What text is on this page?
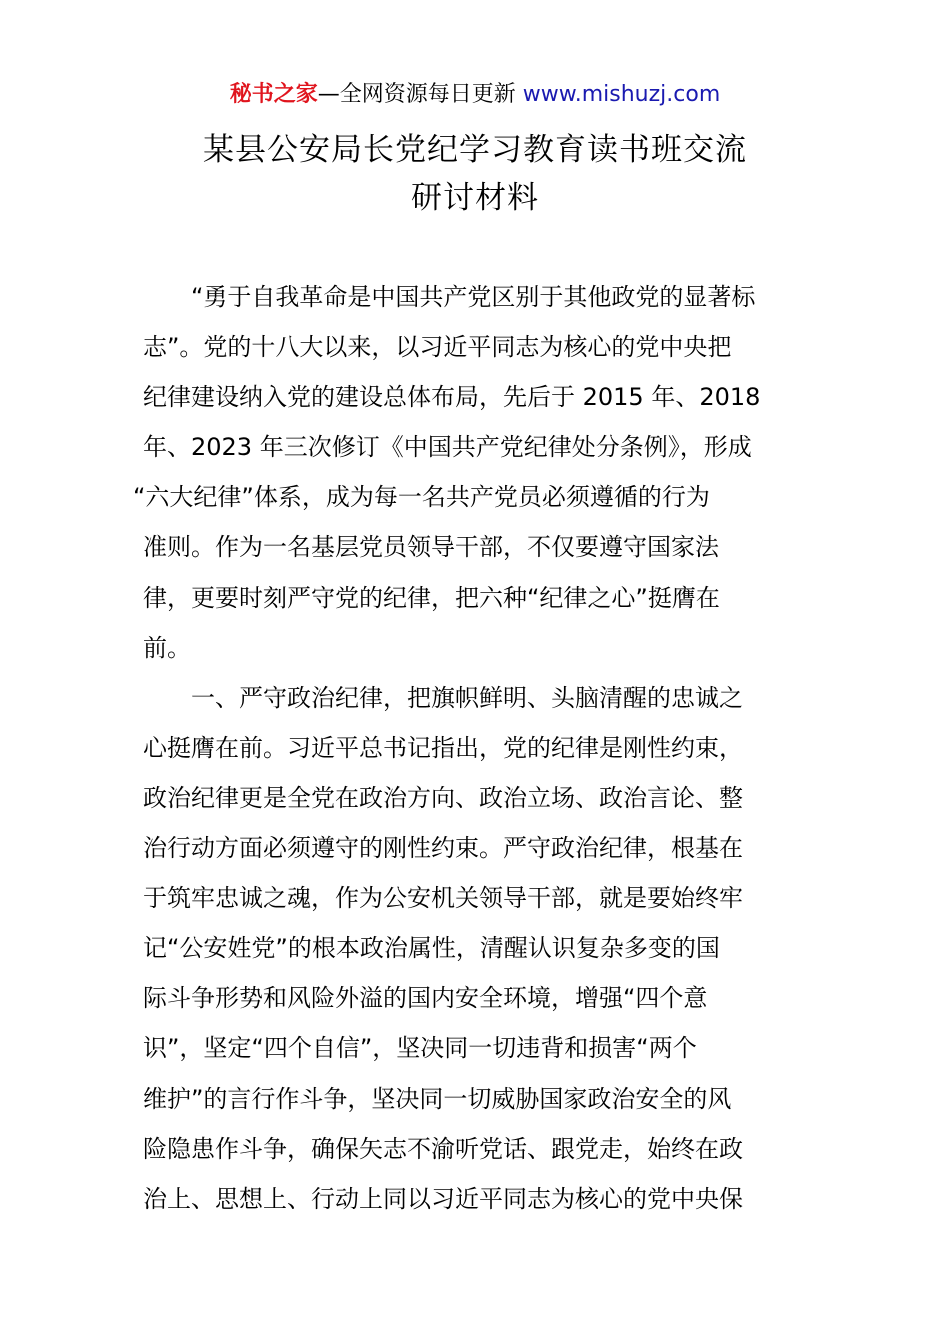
秘书之家—全网资源每日更新 www.mishuzj.com
某县公安局长党纪学习教育读书班交流
研讨材料
“勇于自我革命是中国共产党区别于其他政党的显著标
志”。党的十八大以来，以习近平同志为核心的党中央把
纪律建设纳入党的建设总体布局，先后于 2015 年、2018
年、2023 年三次修订《中国共产党纪律处分条例》，形成
“六大纪律”体系，成为每一名共产党员必须遵循的行为
准则。作为一名基层党员领导干部，不仅要遵守国家法
律，更要时刻严守党的纪律，把六种“纪律之心”挺膺在
前。
一、严守政治纪律，把旗帜鲜明、头脑清醒的忠诚之
心挺膺在前。习近平总书记指出，党的纪律是刚性约束，
政治纪律更是全党在政治方向、政治立场、政治言论、整
治行动方面必须遵守的刚性约束。严守政治纪律，根基在
于筑牢忠诚之魂，作为公安机关领导干部，就是要始终牢
记“公安姓党”的根本政治属性，清醒认识复杂多变的国
际斗争形势和风险外溢的国内安全环境，增强“四个意
识”，坚定“四个自信”，坚决同一切违背和损害“两个
维护”的言行作斗争，坚决同一切威胁国家政治安全的风
险隐患作斗争，确保矢志不渝听党话、跟党走，始终在政
治上、思想上、行动上同以习近平同志为核心的党中央保
